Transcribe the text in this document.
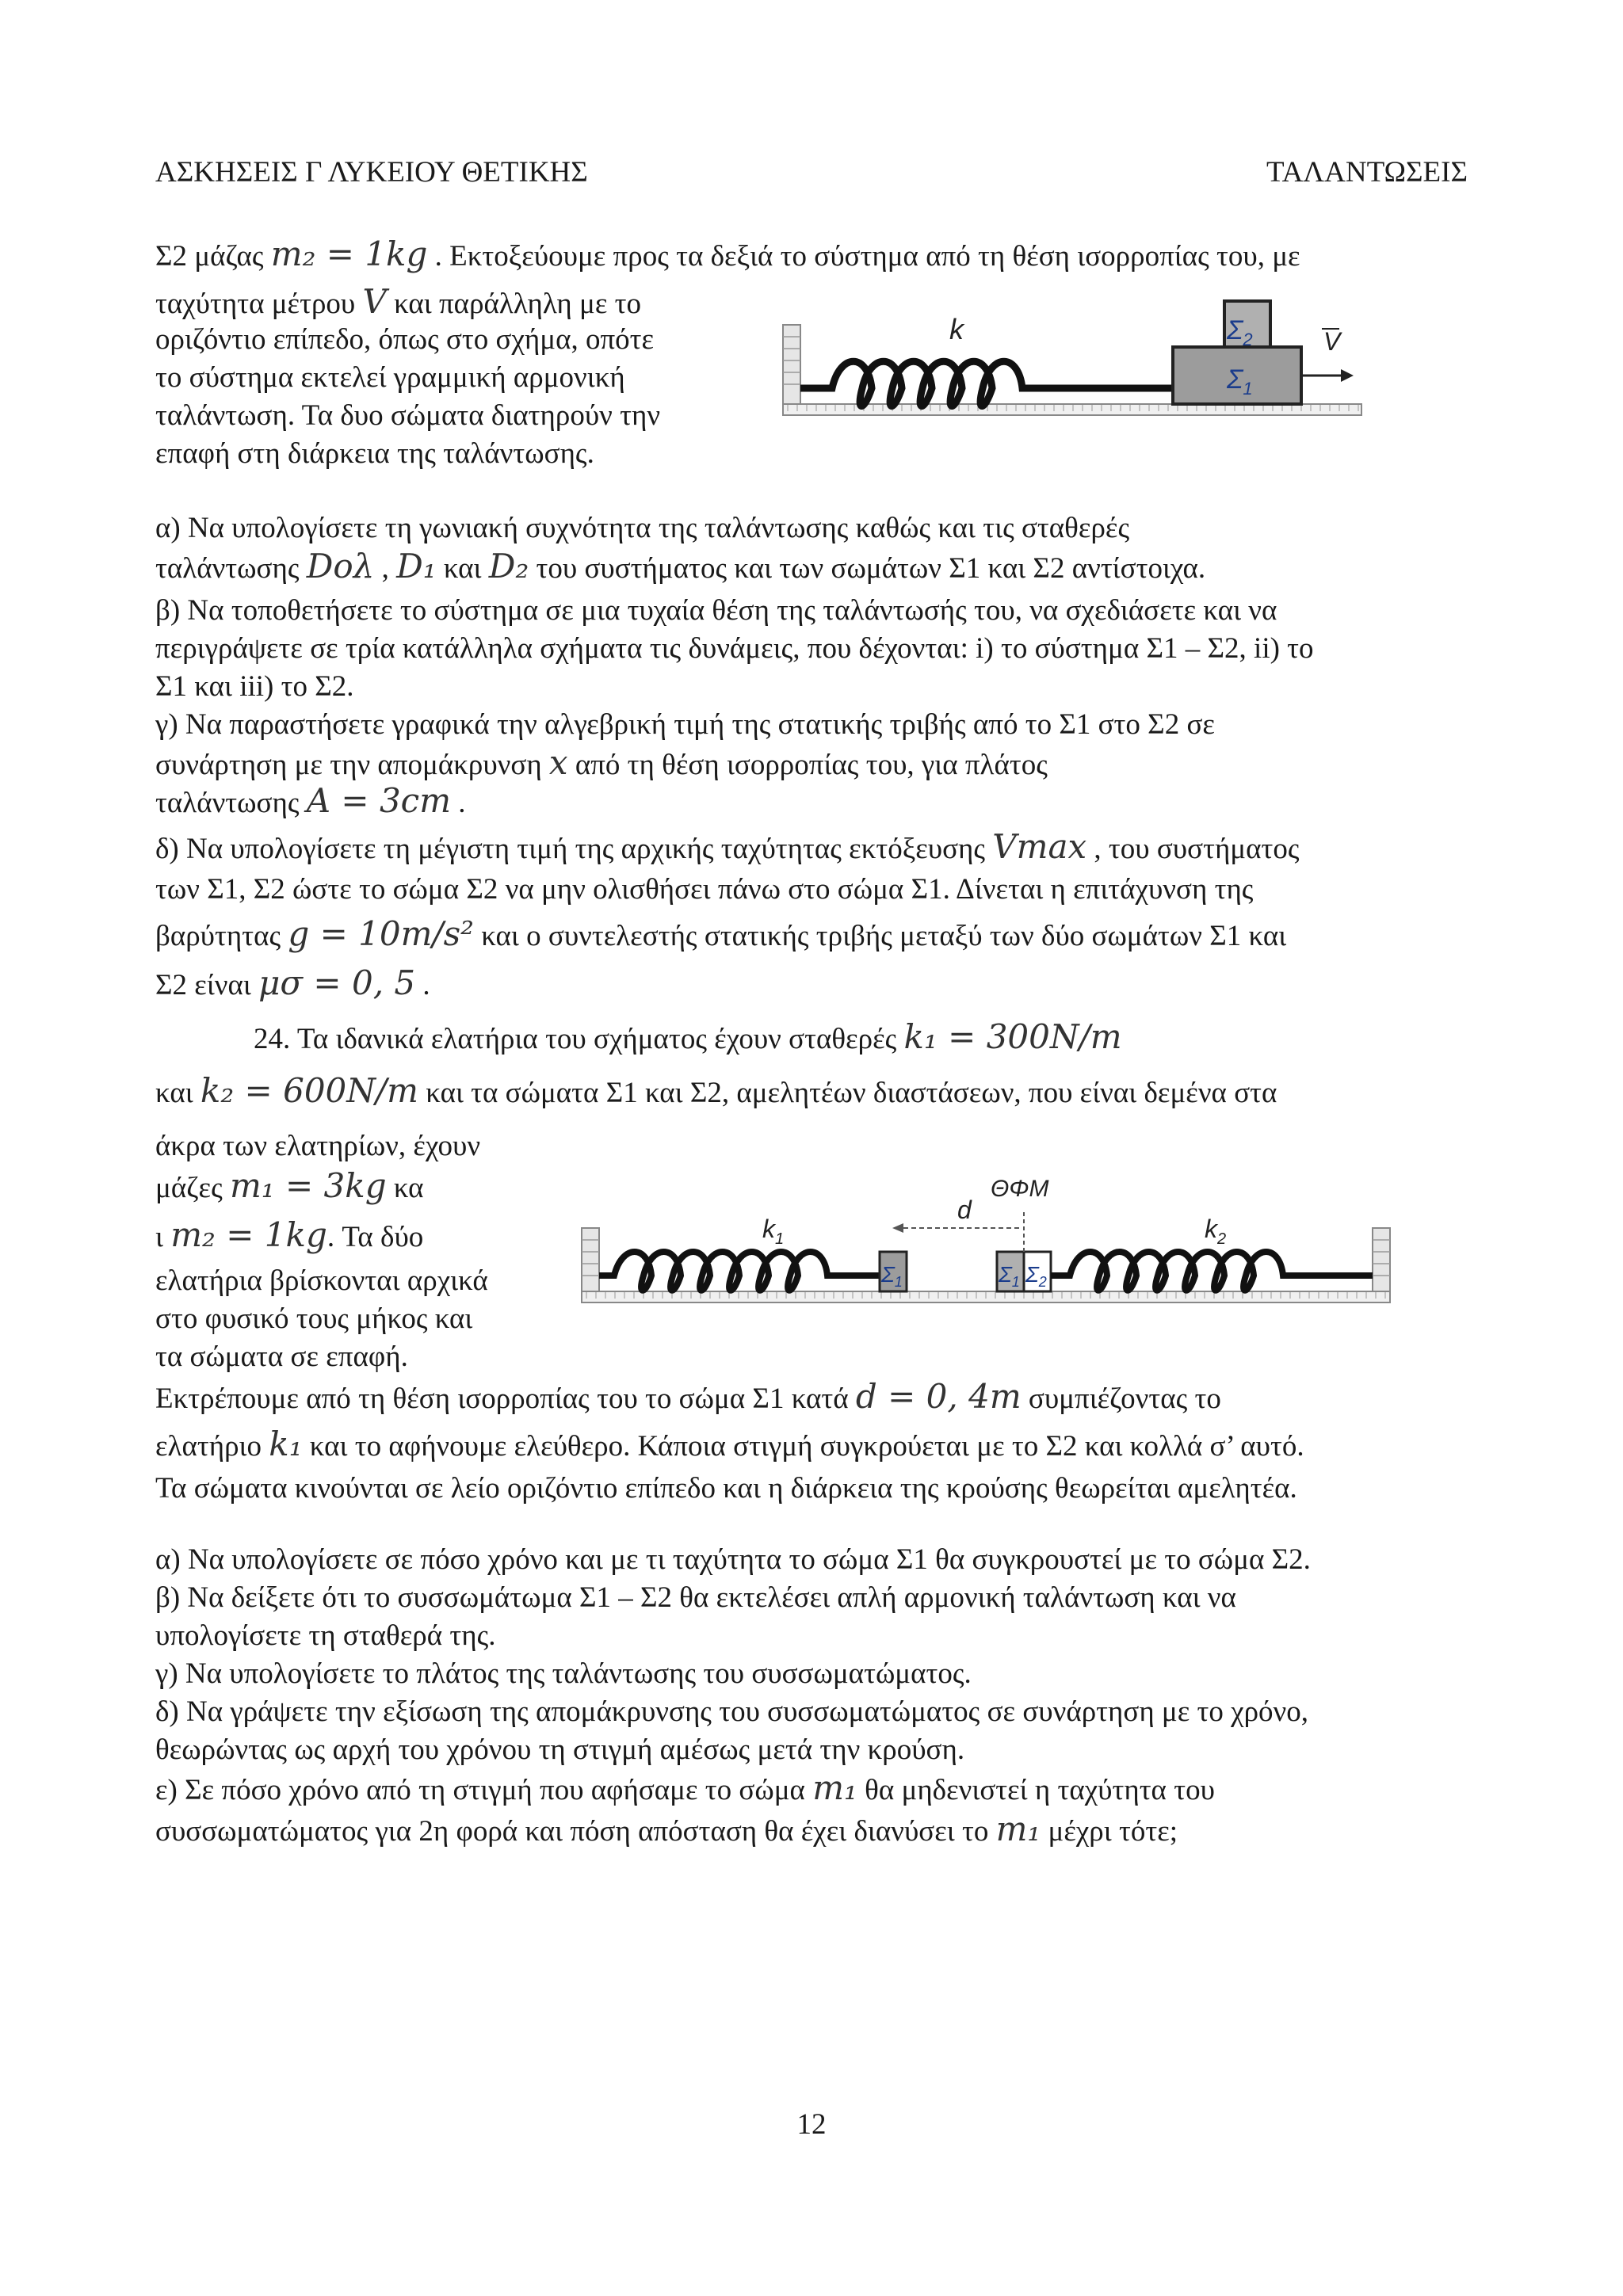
ΑΣΚΗΣΕΙΣ Γ ΛΥΚΕΙΟΥ ΘΕΤΙΚΗΣ	ΤΑΛΑΝΤΩΣΕΙΣ
Σ2 μάζας m₂ = 1kg . Εκτοξεύουμε προς τα δεξιά το σύστημα από τη θέση ισορροπίας του, με
ταχύτητα μέτρου V και παράλληλη με το
οριζόντιο επίπεδο, όπως στο σχήμα, οπότε
το σύστημα εκτελεί γραμμική αρμονική
ταλάντωση. Τα δυο σώματα διατηρούν την
επαφή στη διάρκεια της ταλάντωσης.
k	$\Sigma_2$
$\Sigma_1$
V
α) Να υπολογίσετε τη γωνιακή συχνότητα της ταλάντωσης καθώς και τις σταθερές
ταλάντωσης Dολ , D₁ και D₂ του συστήματος και των σωμάτων Σ1 και Σ2 αντίστοιχα.
β) Να τοποθετήσετε το σύστημα σε μια τυχαία θέση της ταλάντωσής του, να σχεδιάσετε και να
περιγράψετε σε τρία κατάλληλα σχήματα τις δυνάμεις, που δέχονται: i) το σύστημα Σ1 – Σ2, ii) το
Σ1 και iii) το Σ2.
γ) Να παραστήσετε γραφικά την αλγεβρική τιμή της στατικής τριβής από το Σ1 στο Σ2 σε
συνάρτηση με την απομάκρυνση x από τη θέση ισορροπίας του, για πλάτος
ταλάντωσης A = 3cm .
δ) Να υπολογίσετε τη μέγιστη τιμή της αρχικής ταχύτητας εκτόξευσης Vmax , του συστήματος
των Σ1, Σ2 ώστε το σώμα Σ2 να μην ολισθήσει πάνω στο σώμα Σ1. Δίνεται η επιτάχυνση της
βαρύτητας g = 10m/s² και ο συντελεστής στατικής τριβής μεταξύ των δύο σωμάτων Σ1 και
Σ2 είναι μσ = 0, 5 .
24. Τα ιδανικά ελατήρια του σχήματος έχουν σταθερές k₁ = 300N/m
και k₂ = 600N/m και τα σώματα Σ1 και Σ2, αμελητέων διαστάσεων, που είναι δεμένα στα
άκρα των ελατηρίων, έχουν
μάζες m₁ = 3kg κα
ι m₂ = 1kg. Τα δύο
ελατήρια βρίσκονται αρχικά
στο φυσικό τους μήκος και
τα σώματα σε επαφή.
Εκτρέπουμε από τη θέση ισορροπίας του το σώμα Σ1 κατά d = 0, 4m συμπιέζοντας το
ελατήριο k₁ και το αφήνουμε ελεύθερο. Κάποια στιγμή συγκρούεται με το Σ2 και κολλά σ’ αυτό.
Τα σώματα κινούνται σε λείο οριζόντιο επίπεδο και η διάρκεια της κρούσης θεωρείται αμελητέα.
$\Sigma_1$	$\Sigma_1$ $\Sigma_2$
ΘΦΜ
d
$k_1$	$k_2$
α) Να υπολογίσετε σε πόσο χρόνο και με τι ταχύτητα το σώμα Σ1 θα συγκρουστεί με το σώμα Σ2.
β) Να δείξετε ότι το συσσωμάτωμα Σ1 – Σ2 θα εκτελέσει απλή αρμονική ταλάντωση και να
υπολογίσετε τη σταθερά της.
γ) Να υπολογίσετε το πλάτος της ταλάντωσης του συσσωματώματος.
δ) Να γράψετε την εξίσωση της απομάκρυνσης του συσσωματώματος σε συνάρτηση με το χρόνο,
θεωρώντας ως αρχή του χρόνου τη στιγμή αμέσως μετά την κρούση.
ε) Σε πόσο χρόνο από τη στιγμή που αφήσαμε το σώμα m₁ θα μηδενιστεί η ταχύτητα του
συσσωματώματος για 2η φορά και πόση απόσταση θα έχει διανύσει το m₁ μέχρι τότε;
12
